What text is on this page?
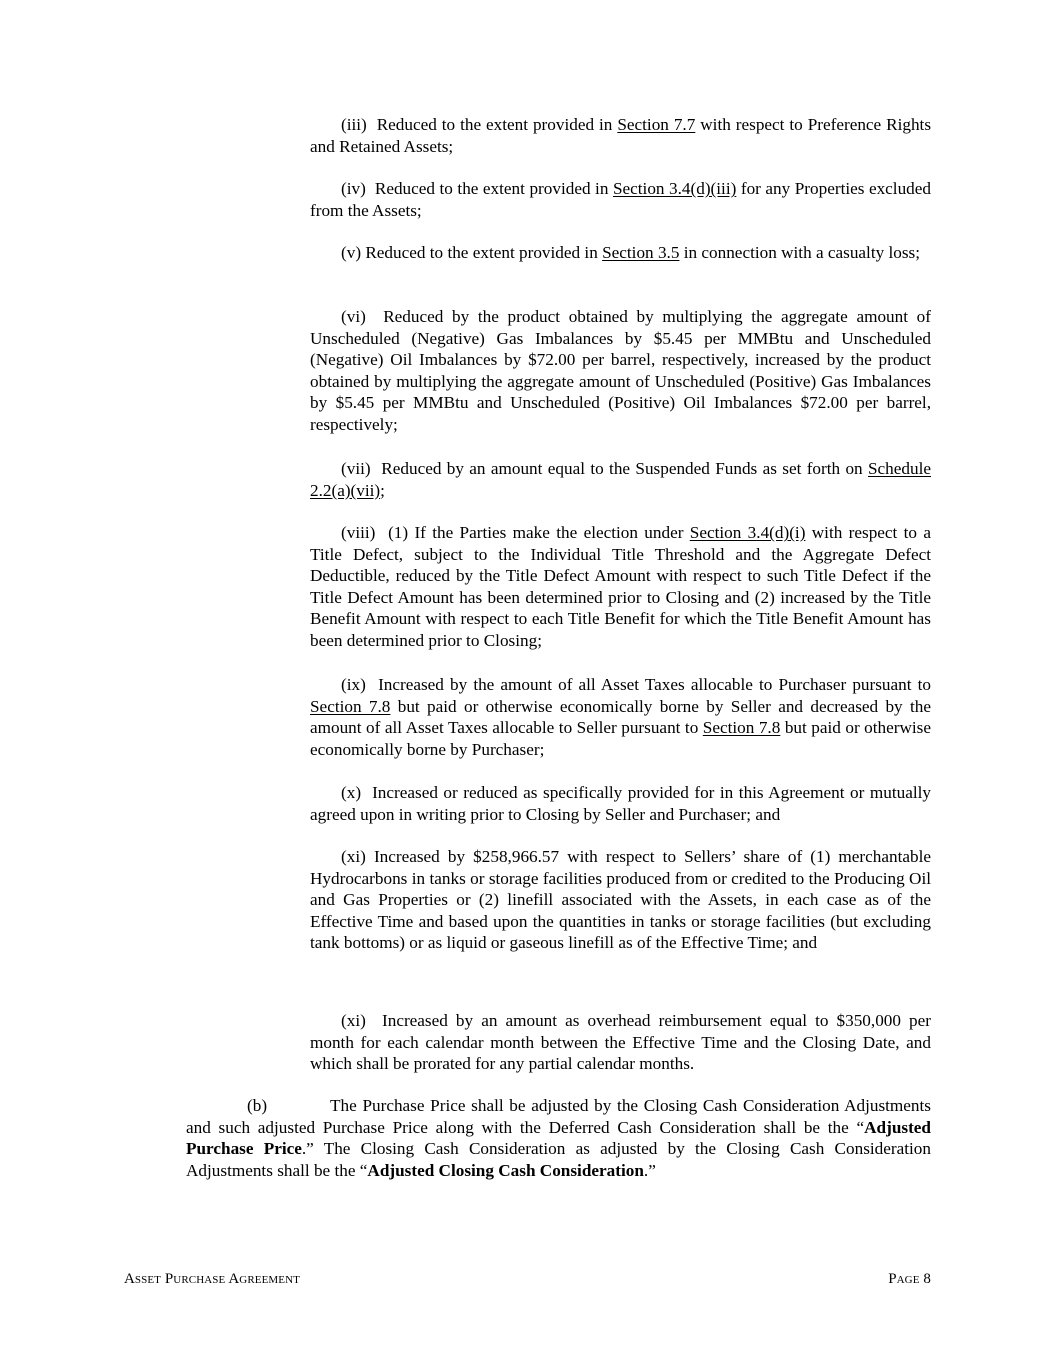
(iii) Reduced to the extent provided in Section 7.7 with respect to Preference Rights and Retained Assets;

(iv) Reduced to the extent provided in Section 3.4(d)(iii) for any Properties excluded from the Assets;

(v) Reduced to the extent provided in Section 3.5 in connection with a casualty loss;

(vi) Reduced by the product obtained by multiplying the aggregate amount of Unscheduled (Negative) Gas Imbalances by $5.45 per MMBtu and Unscheduled (Negative) Oil Imbalances by $72.00 per barrel, respectively, increased by the product obtained by multiplying the aggregate amount of Unscheduled (Positive) Gas Imbalances by $5.45 per MMBtu and Unscheduled (Positive) Oil Imbalances $72.00 per barrel, respectively;

(vii) Reduced by an amount equal to the Suspended Funds as set forth on Schedule 2.2(a)(vii);

(viii) (1) If the Parties make the election under Section 3.4(d)(i) with respect to a Title Defect, subject to the Individual Title Threshold and the Aggregate Defect Deductible, reduced by the Title Defect Amount with respect to such Title Defect if the Title Defect Amount has been determined prior to Closing and (2) increased by the Title Benefit Amount with respect to each Title Benefit for which the Title Benefit Amount has been determined prior to Closing;

(ix) Increased by the amount of all Asset Taxes allocable to Purchaser pursuant to Section 7.8 but paid or otherwise economically borne by Seller and decreased by the amount of all Asset Taxes allocable to Seller pursuant to Section 7.8 but paid or otherwise economically borne by Purchaser;

(x) Increased or reduced as specifically provided for in this Agreement or mutually agreed upon in writing prior to Closing by Seller and Purchaser; and

(xi) Increased by $258,966.57 with respect to Sellers’ share of (1) merchantable Hydrocarbons in tanks or storage facilities produced from or credited to the Producing Oil and Gas Properties or (2) linefill associated with the Assets, in each case as of the Effective Time and based upon the quantities in tanks or storage facilities (but excluding tank bottoms) or as liquid or gaseous linefill as of the Effective Time; and

(xi) Increased by an amount as overhead reimbursement equal to $350,000 per month for each calendar month between the Effective Time and the Closing Date, and which shall be prorated for any partial calendar months.

(b)	The Purchase Price shall be adjusted by the Closing Cash Consideration Adjustments and such adjusted Purchase Price along with the Deferred Cash Consideration shall be the “Adjusted Purchase Price.” The Closing Cash Consideration as adjusted by the Closing Cash Consideration Adjustments shall be the “Adjusted Closing Cash Consideration.”

Asset Purchase Agreement	Page 8
